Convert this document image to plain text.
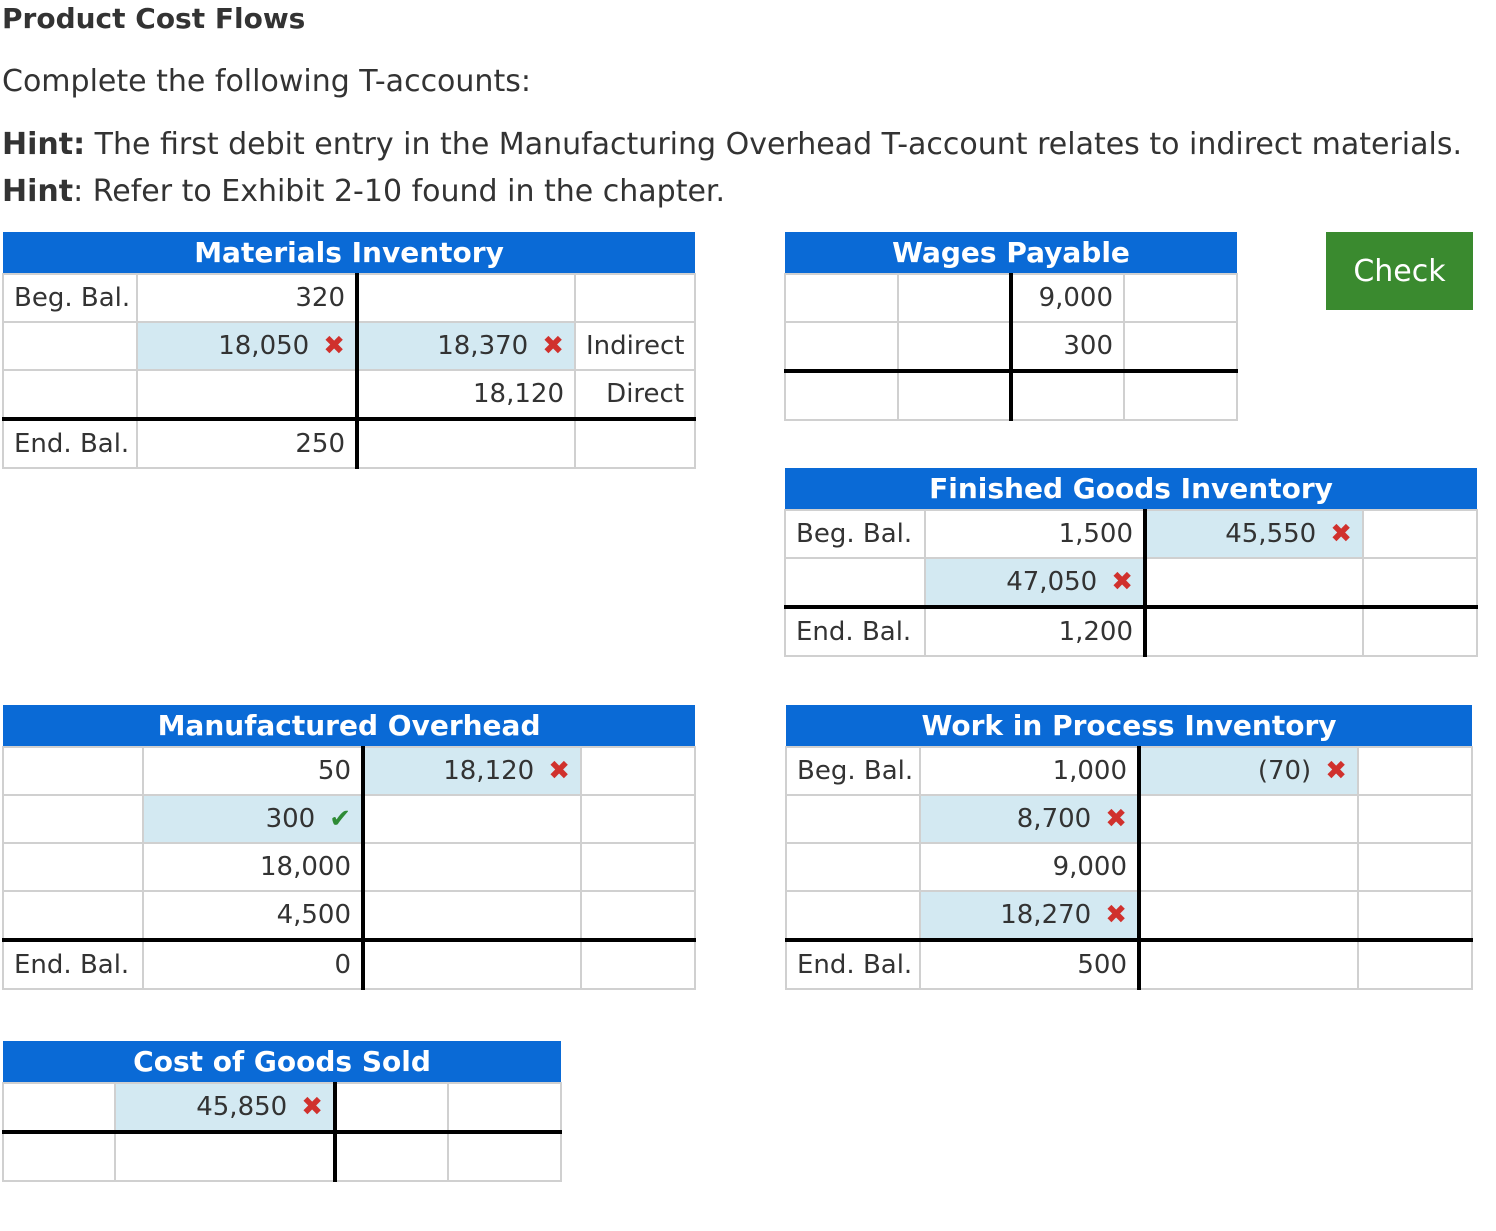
Product Cost Flows

Complete the following T-accounts:

Hint: The first debit entry in the Manufacturing Overhead T-account relates to indirect materials.

Hint: Refer to Exhibit 2-10 found in the chapter.

Check
Materials Inventory			
Beg. Bal.	320		
	18,050 ✖	18,370 ✖	Indirect
		18,120	Direct
End. Bal.	250		
Wages Payable			
		9,000	
		300	

Finished Goods Inventory			
Beg. Bal.	1,500	45,550 ✖	
	47,050 ✖		
End. Bal.	1,200		
Manufactured Overhead			
	50	18,120 ✖	
	300 ✔		
	18,000		
	4,500		
End. Bal.	0		
Work in Process Inventory			
Beg. Bal.	1,000	(70) ✖	
	8,700 ✖		
	9,000		
	18,270 ✖		
End. Bal.	500		
Cost of Goods Sold			
	45,850 ✖		
